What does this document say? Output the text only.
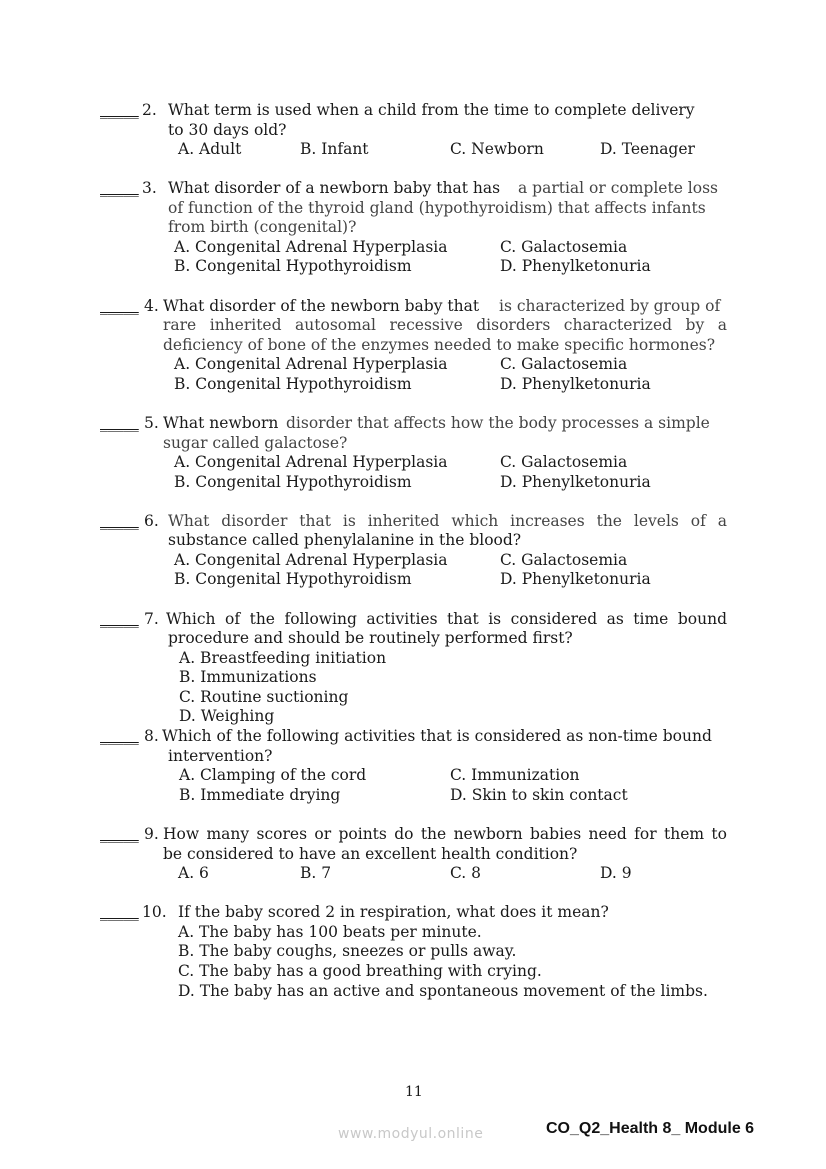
_____ 2. What term is used when a child from the time to complete delivery
to 30 days old?
A. Adult	B. Infant	C. Newborn	D. Teenager
_____ 3. What disorder of a newborn baby that has a partial or complete loss
of function of the thyroid gland (hypothyroidism) that affects infants
from birth (congenital)?
A. Congenital Adrenal Hyperplasia	C. Galactosemia
B. Congenital Hypothyroidism	D. Phenylketonuria
_____ 4. What disorder of the newborn baby that is characterized by group of
rare inherited autosomal recessive disorders characterized by a
deficiency of bone of the enzymes needed to make specific hormones?
A. Congenital Adrenal Hyperplasia	C. Galactosemia
B. Congenital Hypothyroidism	D. Phenylketonuria
_____ 5. What newborn disorder that affects how the body processes a simple
sugar called galactose?
A. Congenital Adrenal Hyperplasia	C. Galactosemia
B. Congenital Hypothyroidism	D. Phenylketonuria
_____ 6. What disorder that is inherited which increases the levels of a
substance called phenylalanine in the blood?
A. Congenital Adrenal Hyperplasia	C. Galactosemia
B. Congenital Hypothyroidism	D. Phenylketonuria
_____ 7. Which of the following activities that is considered as time bound
procedure and should be routinely performed first?
A. Breastfeeding initiation
B. Immunizations
C. Routine suctioning
D. Weighing
_____ 8. Which of the following activities that is considered as non-time bound
intervention?
A. Clamping of the cord	C. Immunization
B. Immediate drying	D. Skin to skin contact
_____ 9. How many scores or points do the newborn babies need for them to
be considered to have an excellent health condition?
A. 6	B. 7	C. 8	D. 9
_____ 10. If the baby scored 2 in respiration, what does it mean?
A. The baby has 100 beats per minute.
B. The baby coughs, sneezes or pulls away.
C. The baby has a good breathing with crying.
D. The baby has an active and spontaneous movement of the limbs.
11
www.modyul.online	CO_Q2_Health 8_ Module 6
